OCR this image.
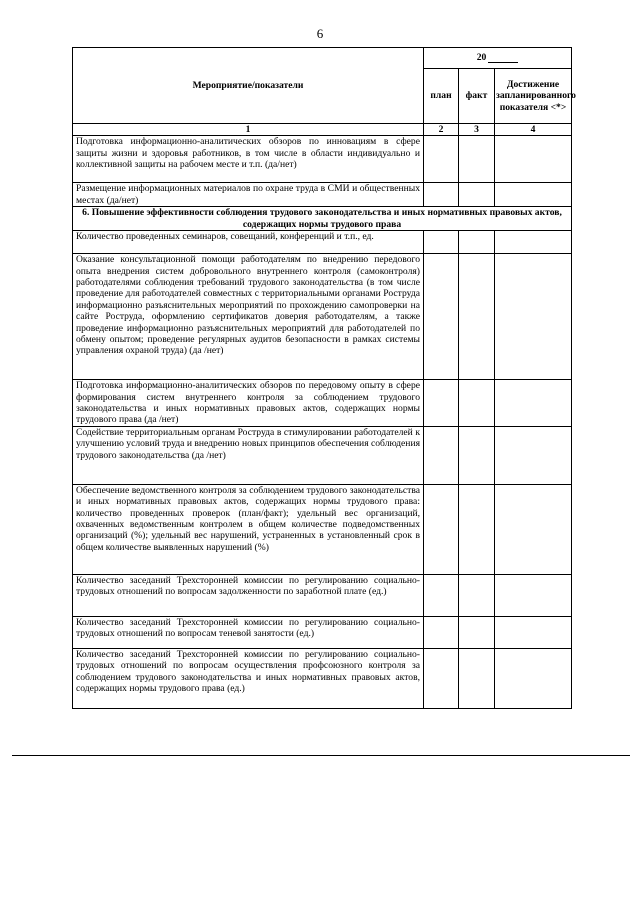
6
Мероприятие/показатели	20		
	план	факт	Достижение запланированного показателя <*>
1	2	3	4
Подготовка информационно-аналитических обзоров по инновациям в сфере защиты жизни и здоровья работников, в том числе в области индивидуально и коллективной защиты на рабочем месте и т.п. (да/нет)			
Размещение информационных материалов по охране труда в СМИ и общественных местах (да/нет)			
6. Повышение эффективности соблюдения трудового законодательства и иных нормативных правовых актов, содержащих нормы трудового права			
Количество проведенных семинаров, совещаний, конференций и т.п., ед.			
Оказание консультационной помощи работодателям по внедрению передового опыта внедрения систем добровольного внутреннего контроля (самоконтроля) работодателями соблюдения требований трудового законодательства (в том числе проведение для работодателей совместных с территориальными органами Роструда информационно разъяснительных мероприятий по прохождению самопроверки на сайте Роструда, оформлению сертификатов доверия работодателям, а также проведение информационно разъяснительных мероприятий для работодателей по обмену опытом; проведение регулярных аудитов безопасности в рамках системы управления охраной труда) (да /нет)			
Подготовка информационно-аналитических обзоров по передовому опыту в сфере формирования систем внутреннего контроля за соблюдением трудового законодательства и иных нормативных правовых актов, содержащих нормы трудового права (да /нет)			
Содействие территориальным органам Роструда в стимулировании работодателей к улучшению условий труда и внедрению новых принципов обеспечения соблюдения трудового законодательства (да /нет)			
Обеспечение ведомственного контроля за соблюдением трудового законодательства и иных нормативных правовых актов, содержащих нормы трудового права: количество проведенных проверок (план/факт); удельный вес организаций, охваченных ведомственным контролем в общем количестве подведомственных организаций (%); удельный вес нарушений, устраненных в установленный срок в общем количестве выявленных нарушений (%)			
Количество заседаний Трехсторонней комиссии по регулированию социально-трудовых отношений по вопросам задолженности по заработной плате (ед.)			
Количество заседаний Трехсторонней комиссии по регулированию социально-трудовых отношений по вопросам теневой занятости (ед.)			
Количество заседаний Трехсторонней комиссии по регулированию социально-трудовых отношений по вопросам осуществления профсоюзного контроля за соблюдением трудового законодательства и иных нормативных правовых актов, содержащих нормы трудового права (ед.)			
